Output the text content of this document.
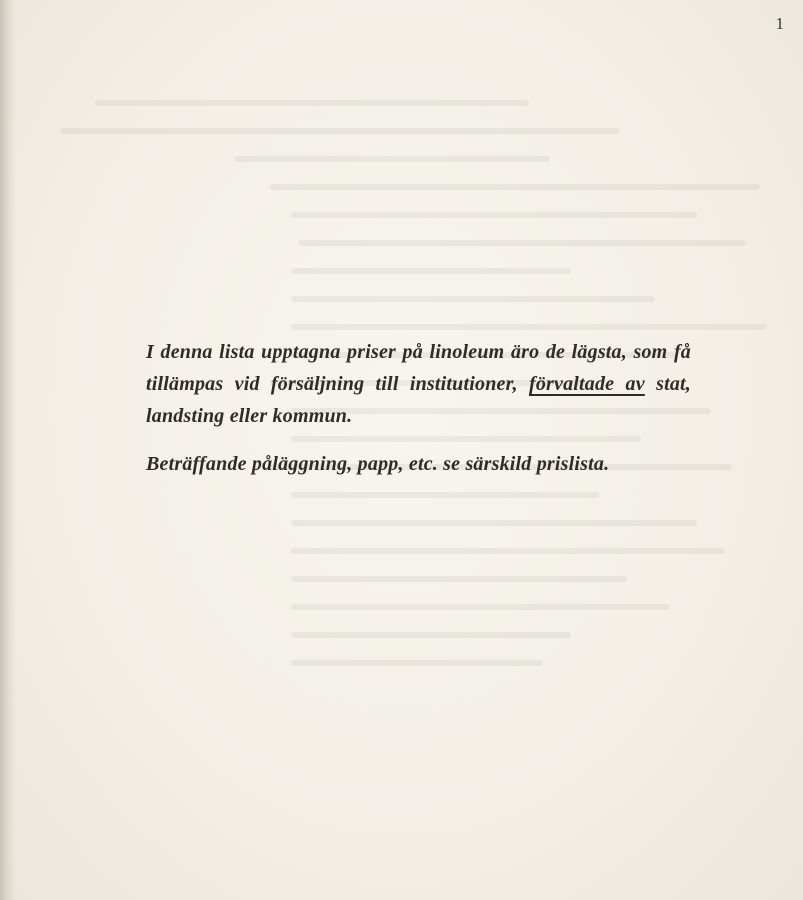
1

I denna lista upptagna priser på linoleum äro de lägsta, som få tillämpas vid försäljning till institutioner, förvaltade av stat, landsting eller kommun.

Beträffande påläggning, papp, etc. se särskild prislista.
